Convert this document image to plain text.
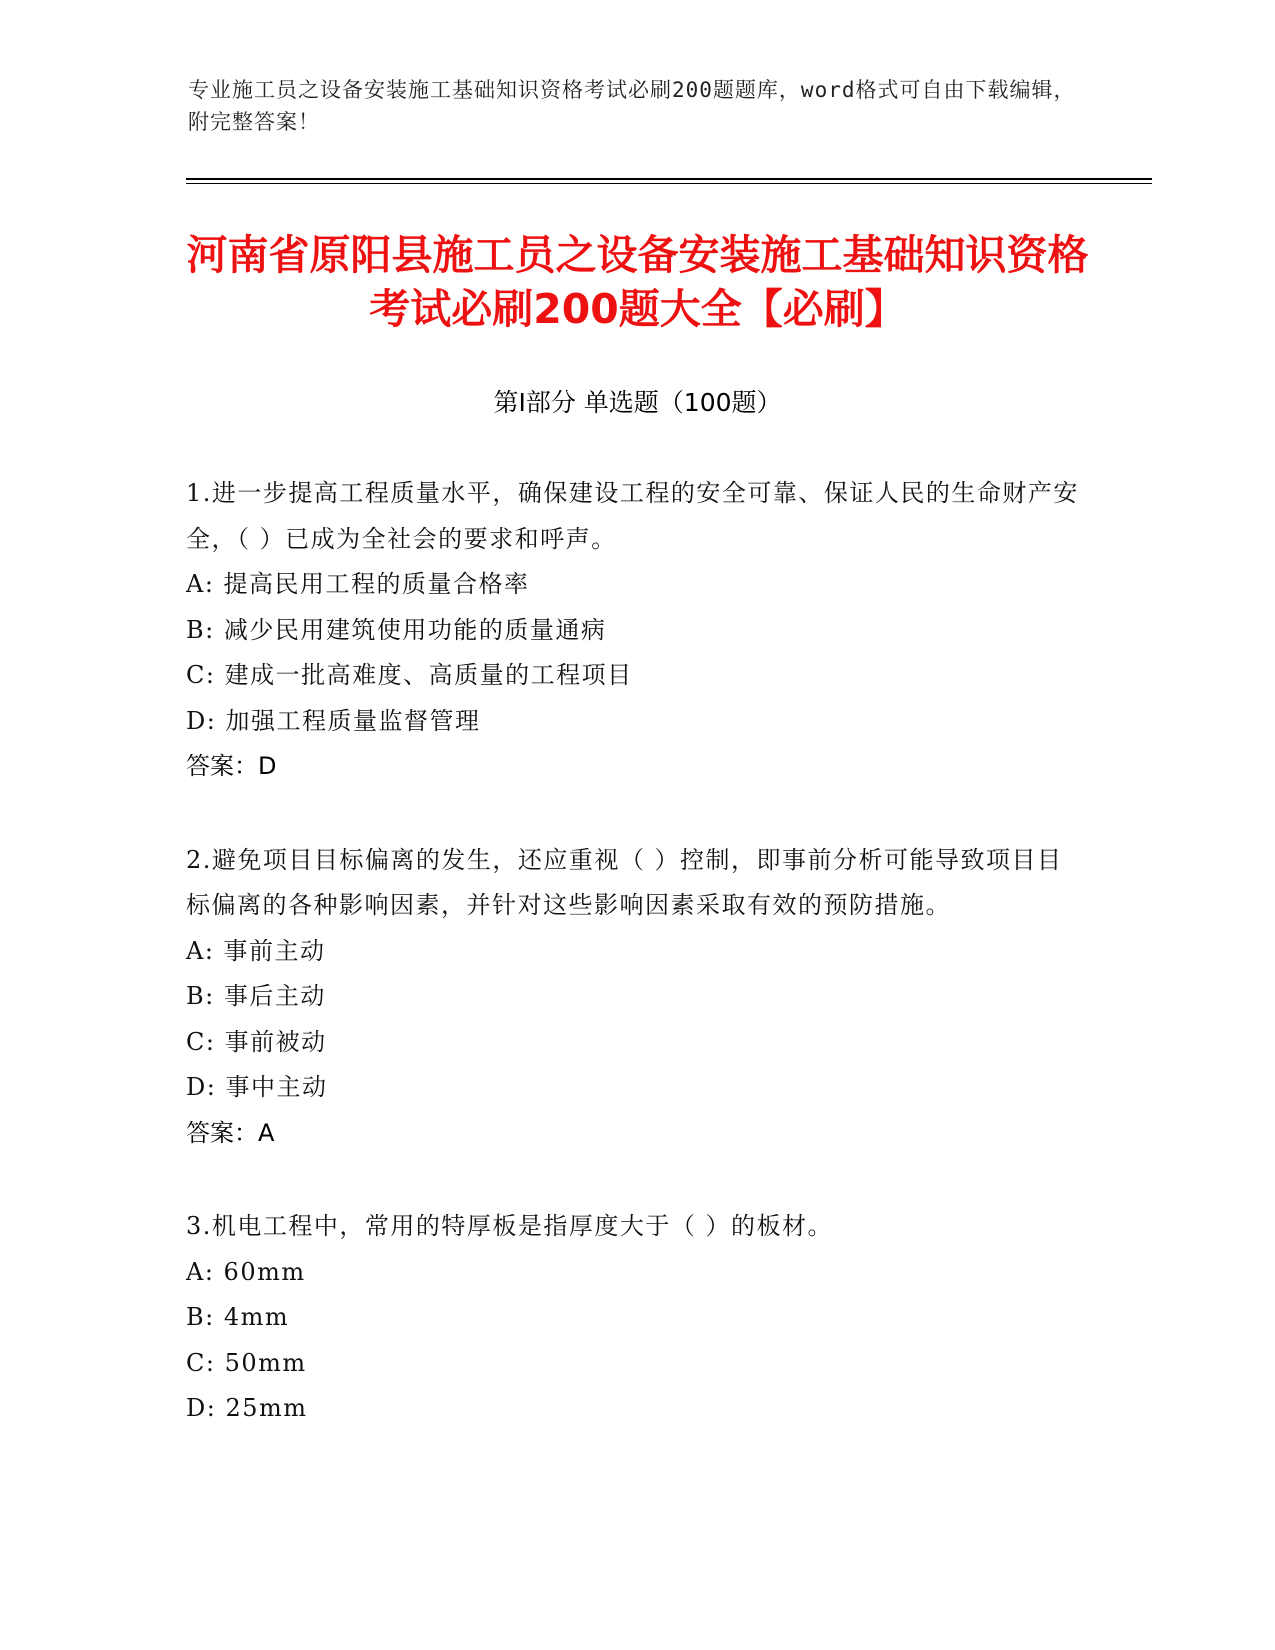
专业施工员之设备安装施工基础知识资格考试必刷200题题库，word格式可自由下载编辑，附完整答案！
河南省原阳县施工员之设备安装施工基础知识资格考试必刷200题大全【必刷】
第Ⅰ部分 单选题（100题）
1.进一步提高工程质量水平，确保建设工程的安全可靠、保证人民的生命财产安全，（ ）已成为全社会的要求和呼声。
A: 提高民用工程的质量合格率
B: 减少民用建筑使用功能的质量通病
C: 建成一批高难度、高质量的工程项目
D: 加强工程质量监督管理
答案：D
2.避免项目目标偏离的发生，还应重视（ ）控制，即事前分析可能导致项目目标偏离的各种影响因素，并针对这些影响因素采取有效的预防措施。
A: 事前主动
B: 事后主动
C: 事前被动
D: 事中主动
答案：A
3.机电工程中，常用的特厚板是指厚度大于（ ）的板材。
A: 60mm
B: 4mm
C: 50mm
D: 25mm
